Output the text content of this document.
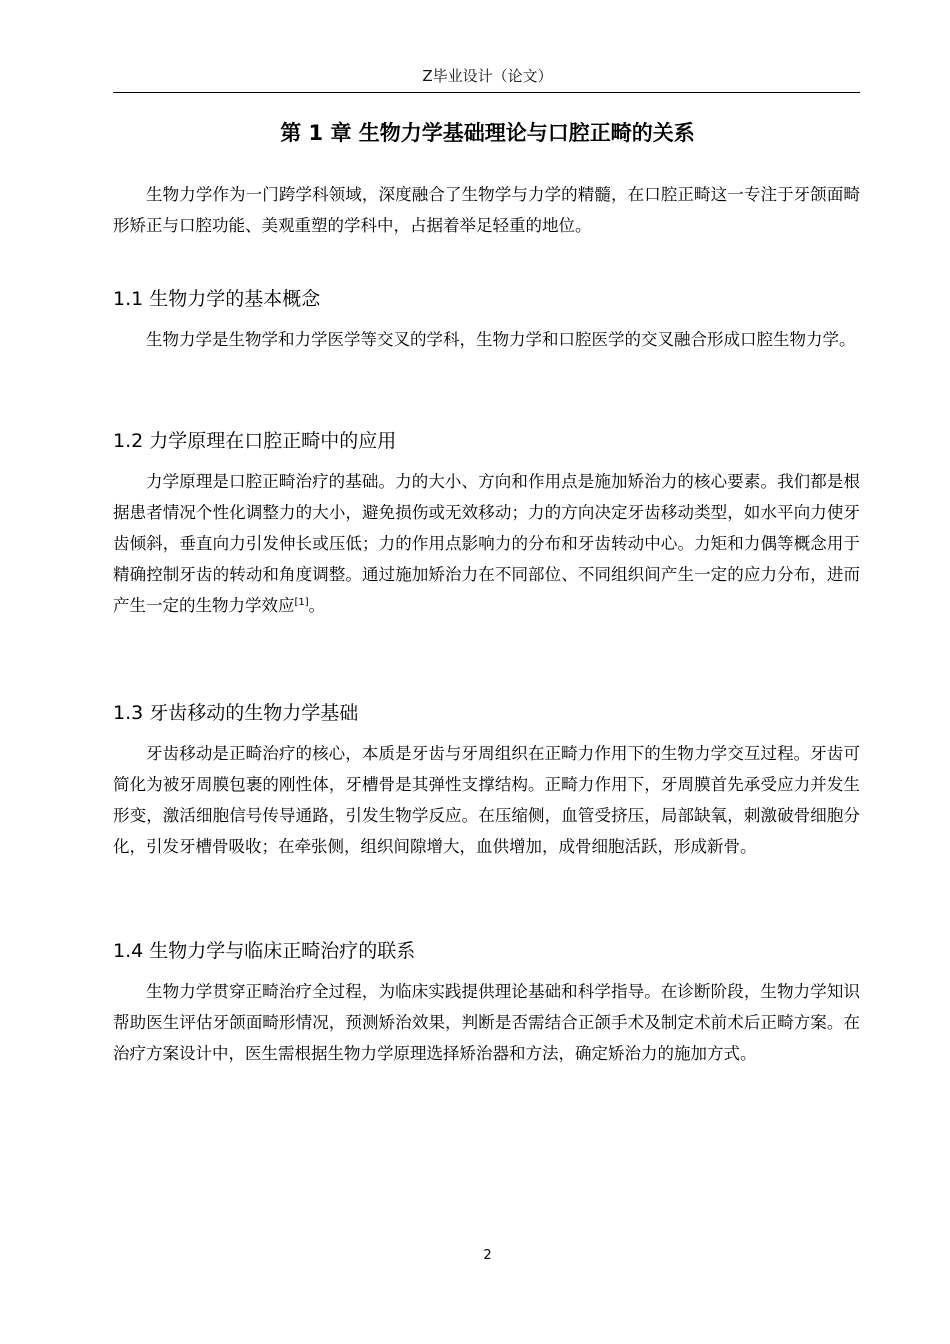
Z毕业设计（论文）
第 1 章 生物力学基础理论与口腔正畸的关系

生物力学作为一门跨学科领域，深度融合了生物学与力学的精髓，在口腔正畸这一专注于牙颌面畸形矫正与口腔功能、美观重塑的学科中，占据着举足轻重的地位。

1.1 生物力学的基本概念

生物力学是生物学和力学医学等交叉的学科，生物力学和口腔医学的交叉融合形成口腔生物力学。

1.2 力学原理在口腔正畸中的应用

力学原理是口腔正畸治疗的基础。力的大小、方向和作用点是施加矫治力的核心要素。我们都是根据患者情况个性化调整力的大小，避免损伤或无效移动；力的方向决定牙齿移动类型，如水平向力使牙齿倾斜，垂直向力引发伸长或压低；力的作用点影响力的分布和牙齿转动中心。力矩和力偶等概念用于精确控制牙齿的转动和角度调整。通过施加矫治力在不同部位、不同组织间产生一定的应力分布，进而产生一定的生物力学效应[1]。

1.3 牙齿移动的生物力学基础

牙齿移动是正畸治疗的核心，本质是牙齿与牙周组织在正畸力作用下的生物力学交互过程。牙齿可简化为被牙周膜包裹的刚性体，牙槽骨是其弹性支撑结构。正畸力作用下，牙周膜首先承受应力并发生形变，激活细胞信号传导通路，引发生物学反应。在压缩侧，血管受挤压，局部缺氧，刺激破骨细胞分化，引发牙槽骨吸收；在牵张侧，组织间隙增大，血供增加，成骨细胞活跃，形成新骨。

1.4 生物力学与临床正畸治疗的联系

生物力学贯穿正畸治疗全过程，为临床实践提供理论基础和科学指导。在诊断阶段，生物力学知识帮助医生评估牙颌面畸形情况，预测矫治效果，判断是否需结合正颌手术及制定术前术后正畸方案。在治疗方案设计中，医生需根据生物力学原理选择矫治器和方法，确定矫治力的施加方式。

2
